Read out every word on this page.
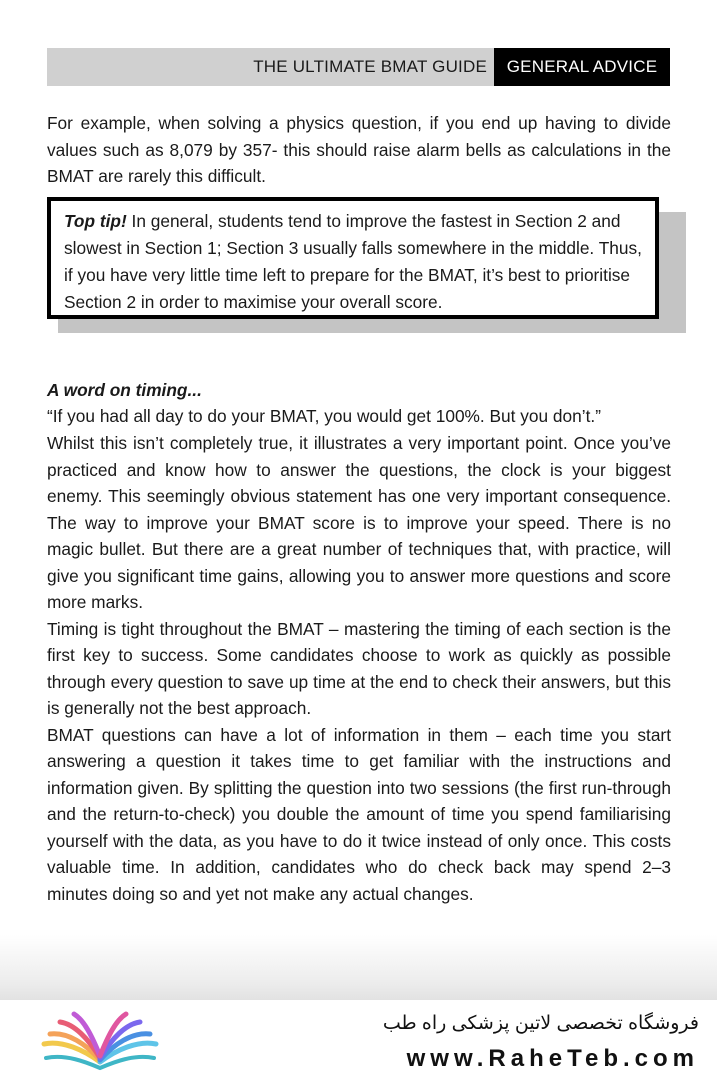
THE ULTIMATE BMAT GUIDE	GENERAL ADVICE

For example, when solving a physics question, if you end up having to divide values such as 8,079 by 357- this should raise alarm bells as calculations in the BMAT are rarely this difficult.

Top tip! In general, students tend to improve the fastest in Section 2 and slowest in Section 1; Section 3 usually falls somewhere in the middle. Thus, if you have very little time left to prepare for the BMAT, it’s best to prioritise Section 2 in order to maximise your overall score.
A word on timing...

“If you had all day to do your BMAT, you would get 100%. But you don’t.”

Whilst this isn’t completely true, it illustrates a very important point. Once you’ve practiced and know how to answer the questions, the clock is your biggest enemy. This seemingly obvious statement has one very important consequence. The way to improve your BMAT score is to improve your speed. There is no magic bullet. But there are a great number of techniques that, with practice, will give you significant time gains, allowing you to answer more questions and score more marks.

Timing is tight throughout the BMAT – mastering the timing of each section is the first key to success. Some candidates choose to work as quickly as possible through every question to save up time at the end to check their answers, but this is generally not the best approach.

BMAT questions can have a lot of information in them – each time you start answering a question it takes time to get familiar with the instructions and information given. By splitting the question into two sessions (the first run-through and the return-to-check) you double the amount of time you spend familiarising yourself with the data, as you have to do it twice instead of only once. This costs valuable time. In addition, candidates who do check back may spend 2–3 minutes doing so and yet not make any actual changes.

فروشگاه تخصصی لاتین پزشکی راه طب
www.RaheTeb.com
